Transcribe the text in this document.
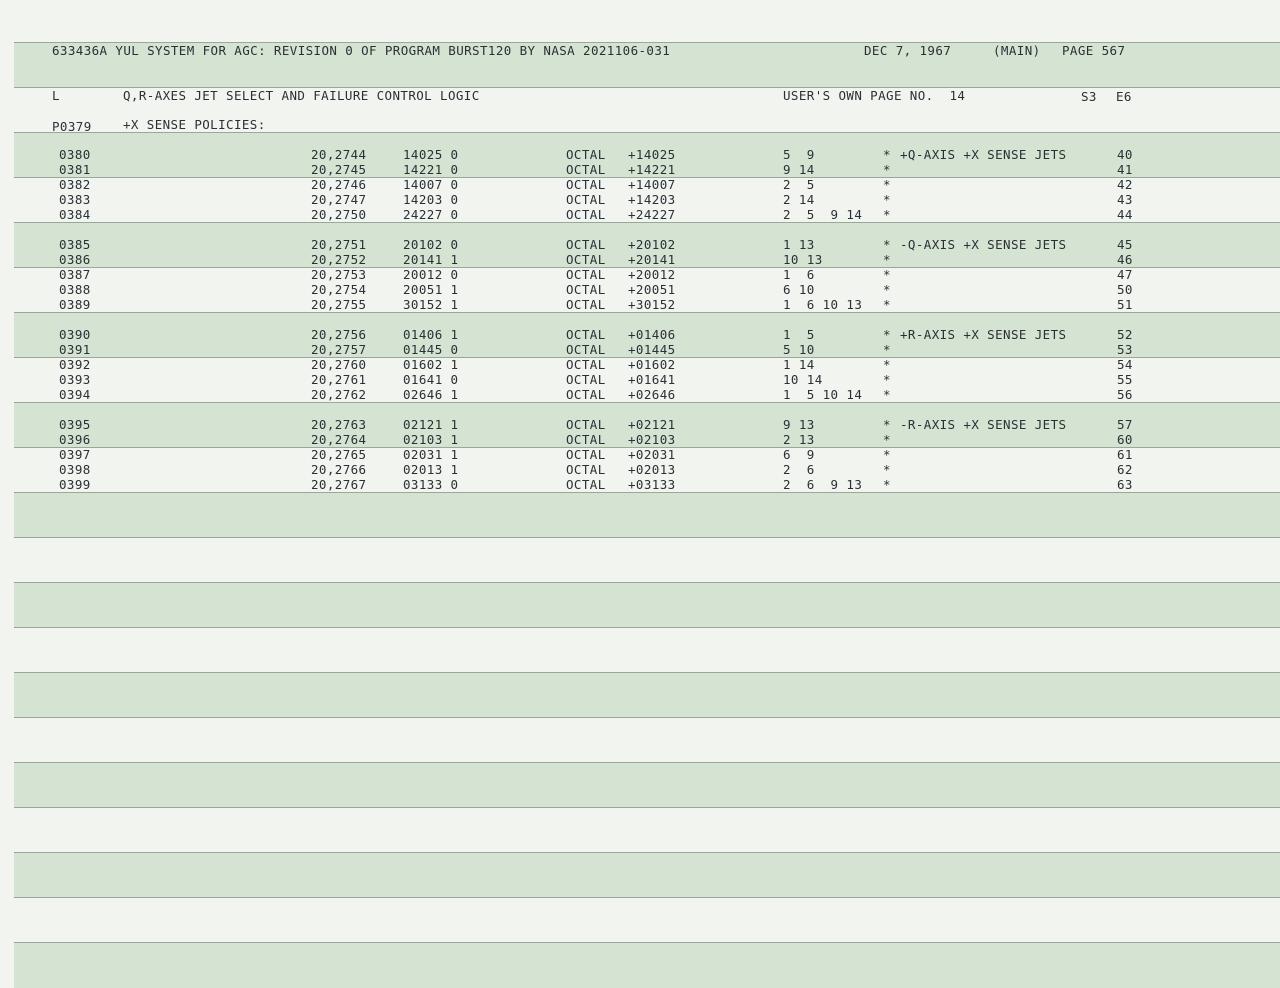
633436A YUL SYSTEM FOR AGC: REVISION 0 OF PROGRAM BURST120 BY NASA 2021106-031	DEC 7, 1967	(MAIN) PAGE 567
L	Q,R-AXES JET SELECT AND FAILURE CONTROL LOGIC	USER'S OWN PAGE NO.  14	S3 E6
P0379	+X SENSE POLICIES:
0380	20,2744	14025 0	OCTAL +14025	5  9	* +Q-AXIS +X SENSE JETS	40
0381	20,2745	14221 0	OCTAL +14221	9 14	*	41
0382	20,2746	14007 0	OCTAL +14007	2  5	*	42
0383	20,2747	14203 0	OCTAL +14203	2 14	*	43
0384	20,2750	24227 0	OCTAL +24227	2  5  9 14 *	44
0385	20,2751	20102 0	OCTAL +20102	1 13	* -Q-AXIS +X SENSE JETS	45
0386	20,2752	20141 1	OCTAL +20141	10 13	*	46
0387	20,2753	20012 0	OCTAL +20012	1  6	*	47
0388	20,2754	20051 1	OCTAL +20051	6 10	*	50
0389	20,2755	30152 1	OCTAL +30152	1  6 10 13 *	51
0390	20,2756	01406 1	OCTAL +01406	1  5	* +R-AXIS +X SENSE JETS	52
0391	20,2757	01445 0	OCTAL +01445	5 10	*	53
0392	20,2760	01602 1	OCTAL +01602	1 14	*	54
0393	20,2761	01641 0	OCTAL +01641	10 14	*	55
0394	20,2762	02646 1	OCTAL +02646	1  5 10 14 *	56
0395	20,2763	02121 1	OCTAL +02121	9 13	* -R-AXIS +X SENSE JETS	57
0396	20,2764	02103 1	OCTAL +02103	2 13	*	60
0397	20,2765	02031 1	OCTAL +02031	6  9	*	61
0398	20,2766	02013 1	OCTAL +02013	2  6	*	62
0399	20,2767	03133 0	OCTAL +03133	2  6  9 13 *	63
